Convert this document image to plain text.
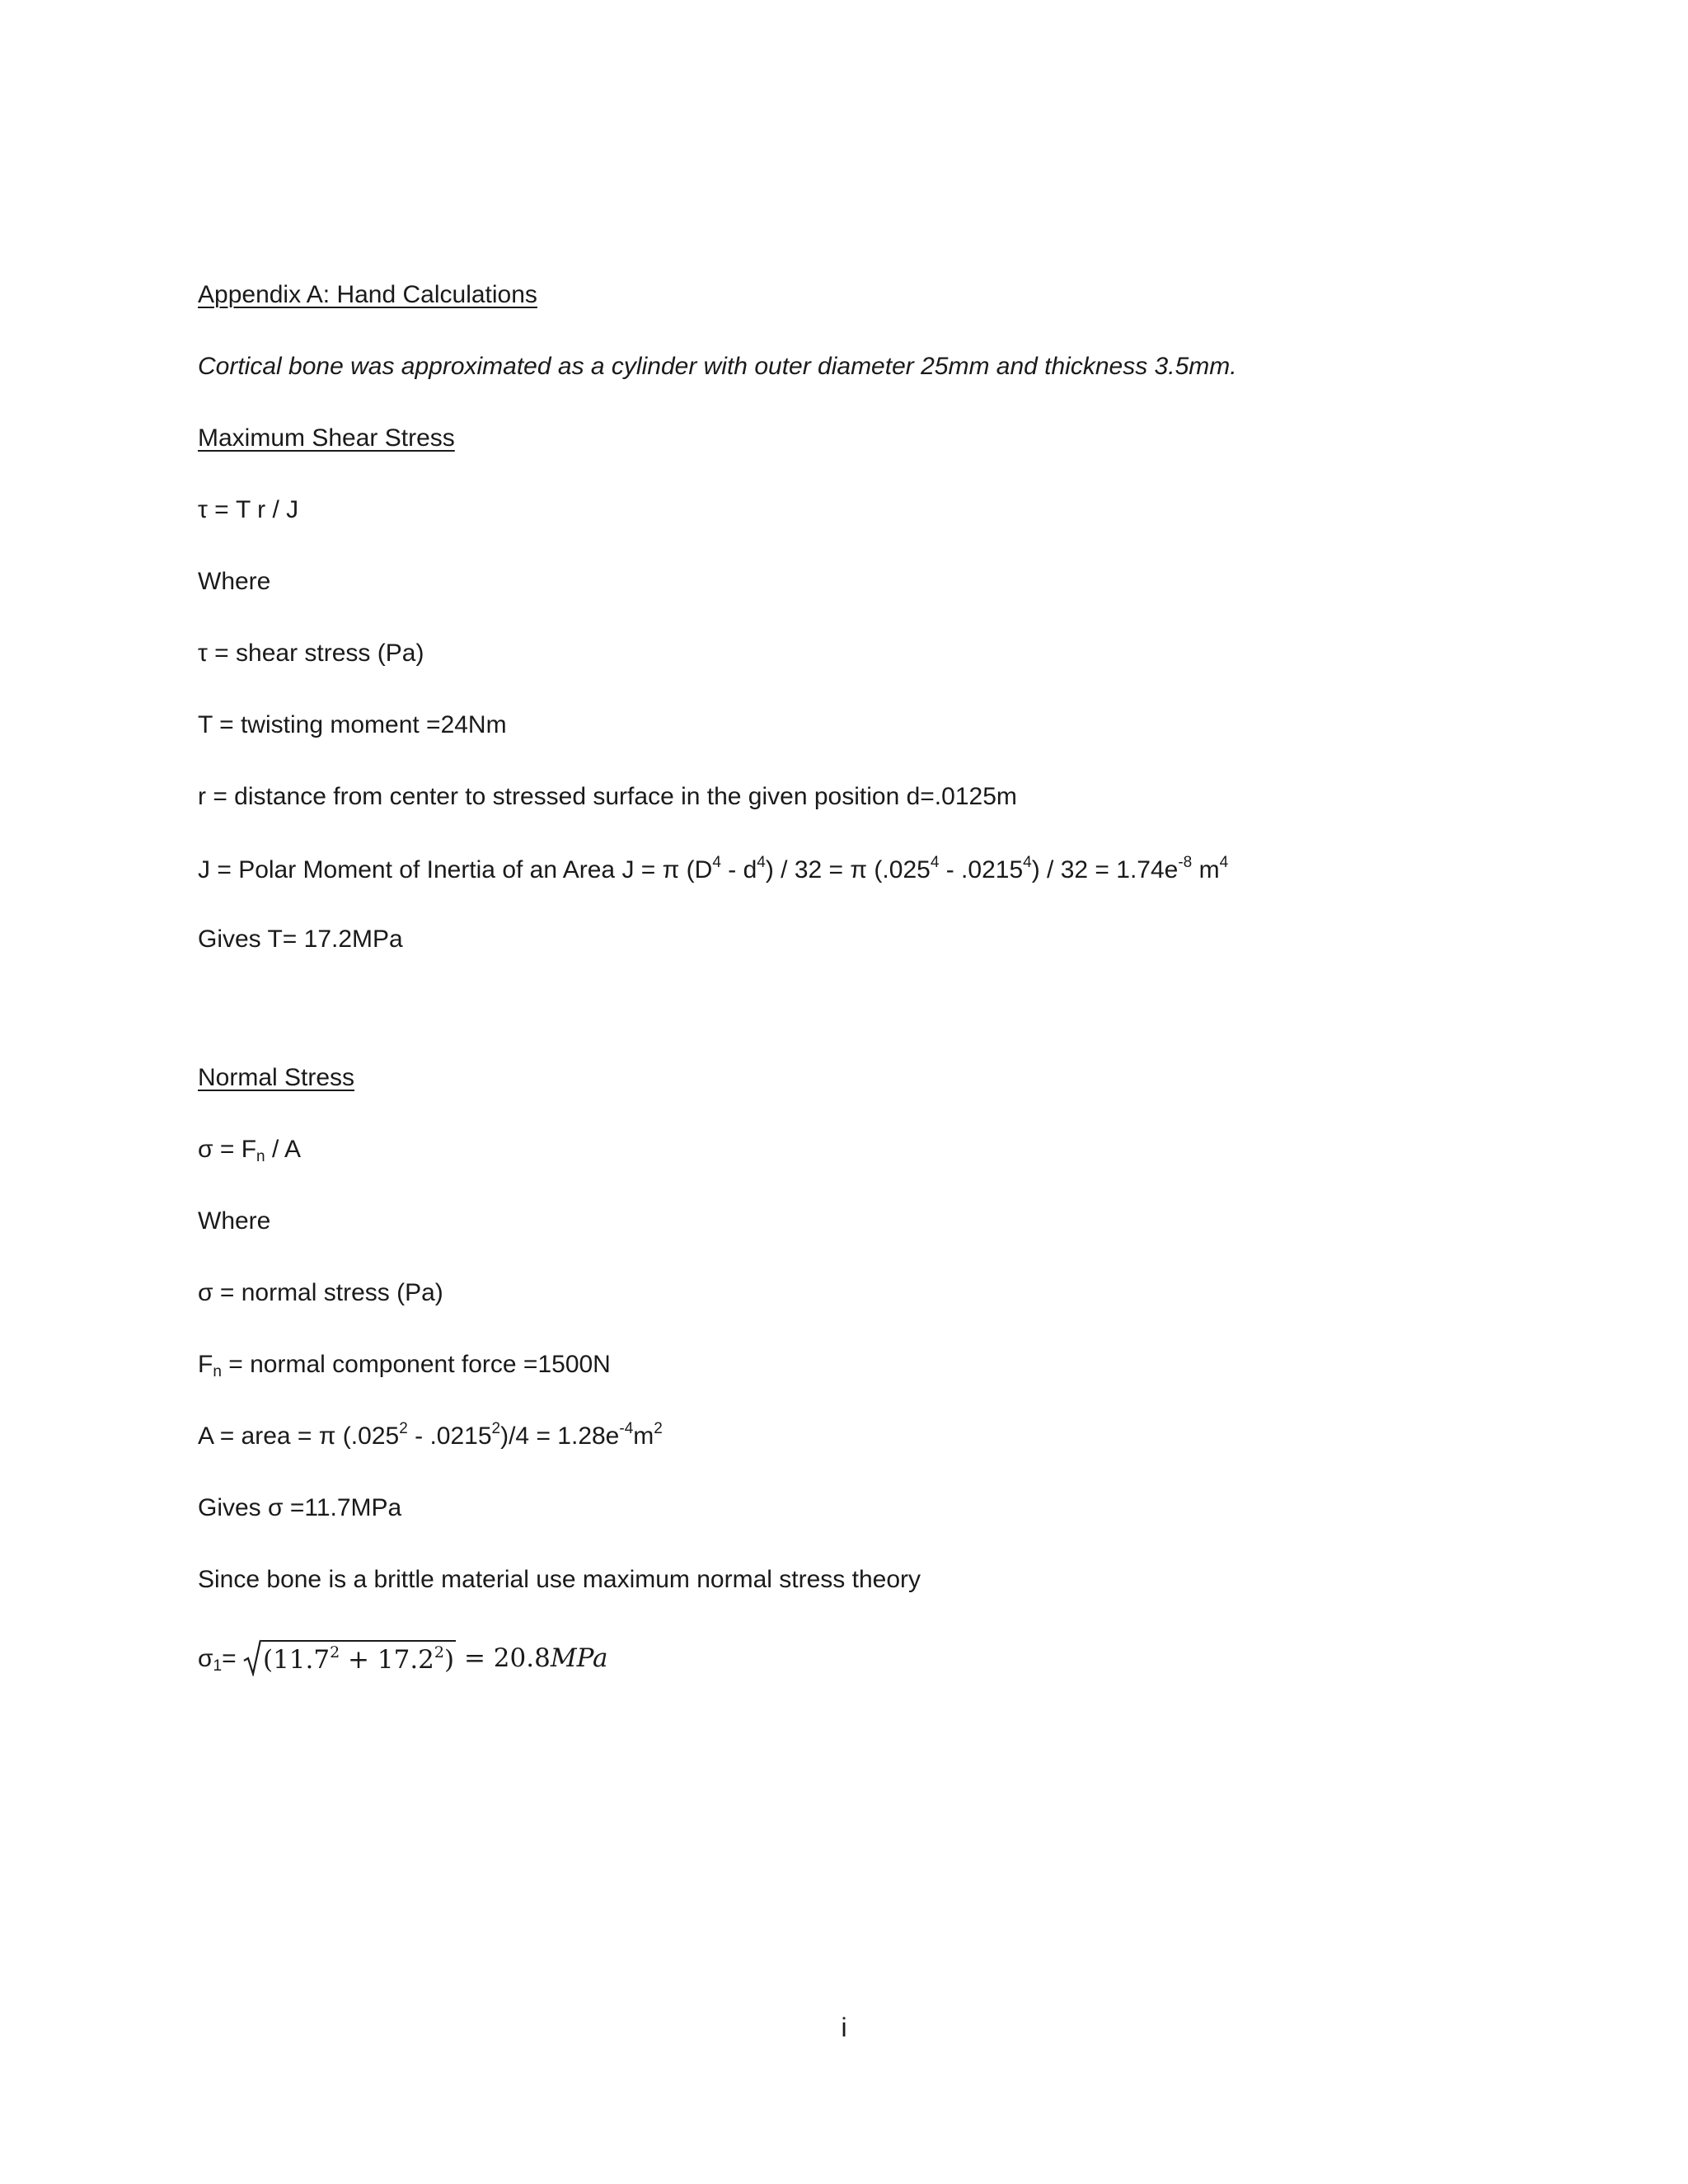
Appendix A: Hand Calculations
Cortical bone was approximated as a cylinder with outer diameter 25mm and thickness 3.5mm.
Maximum Shear Stress
τ = T r / J
Where
τ = shear stress (Pa)
T = twisting moment =24Nm
r = distance from center to stressed surface in the given position d=.0125m
J = Polar Moment of Inertia of an Area J = π $(D^4 - d^4) / 32 = \pi$ $(.025^4 - .0215^4) / 32 = 1.74e^{-8}$ $m^4$
Gives T= 17.2MPa
Normal Stress
$\sigma = F_n / A$
Where
σ = normal stress (Pa)
$F_n$ = normal component force =1500N
A = area = π $(.025^2 - .0215^2)/4 = 1.28e^{-4}m^2$
Gives σ =11.7MPa
Since bone is a brittle material use maximum normal stress theory
$\sigma_1= (11.7^2 + 17.2^2) = 20.8MPa$
i
